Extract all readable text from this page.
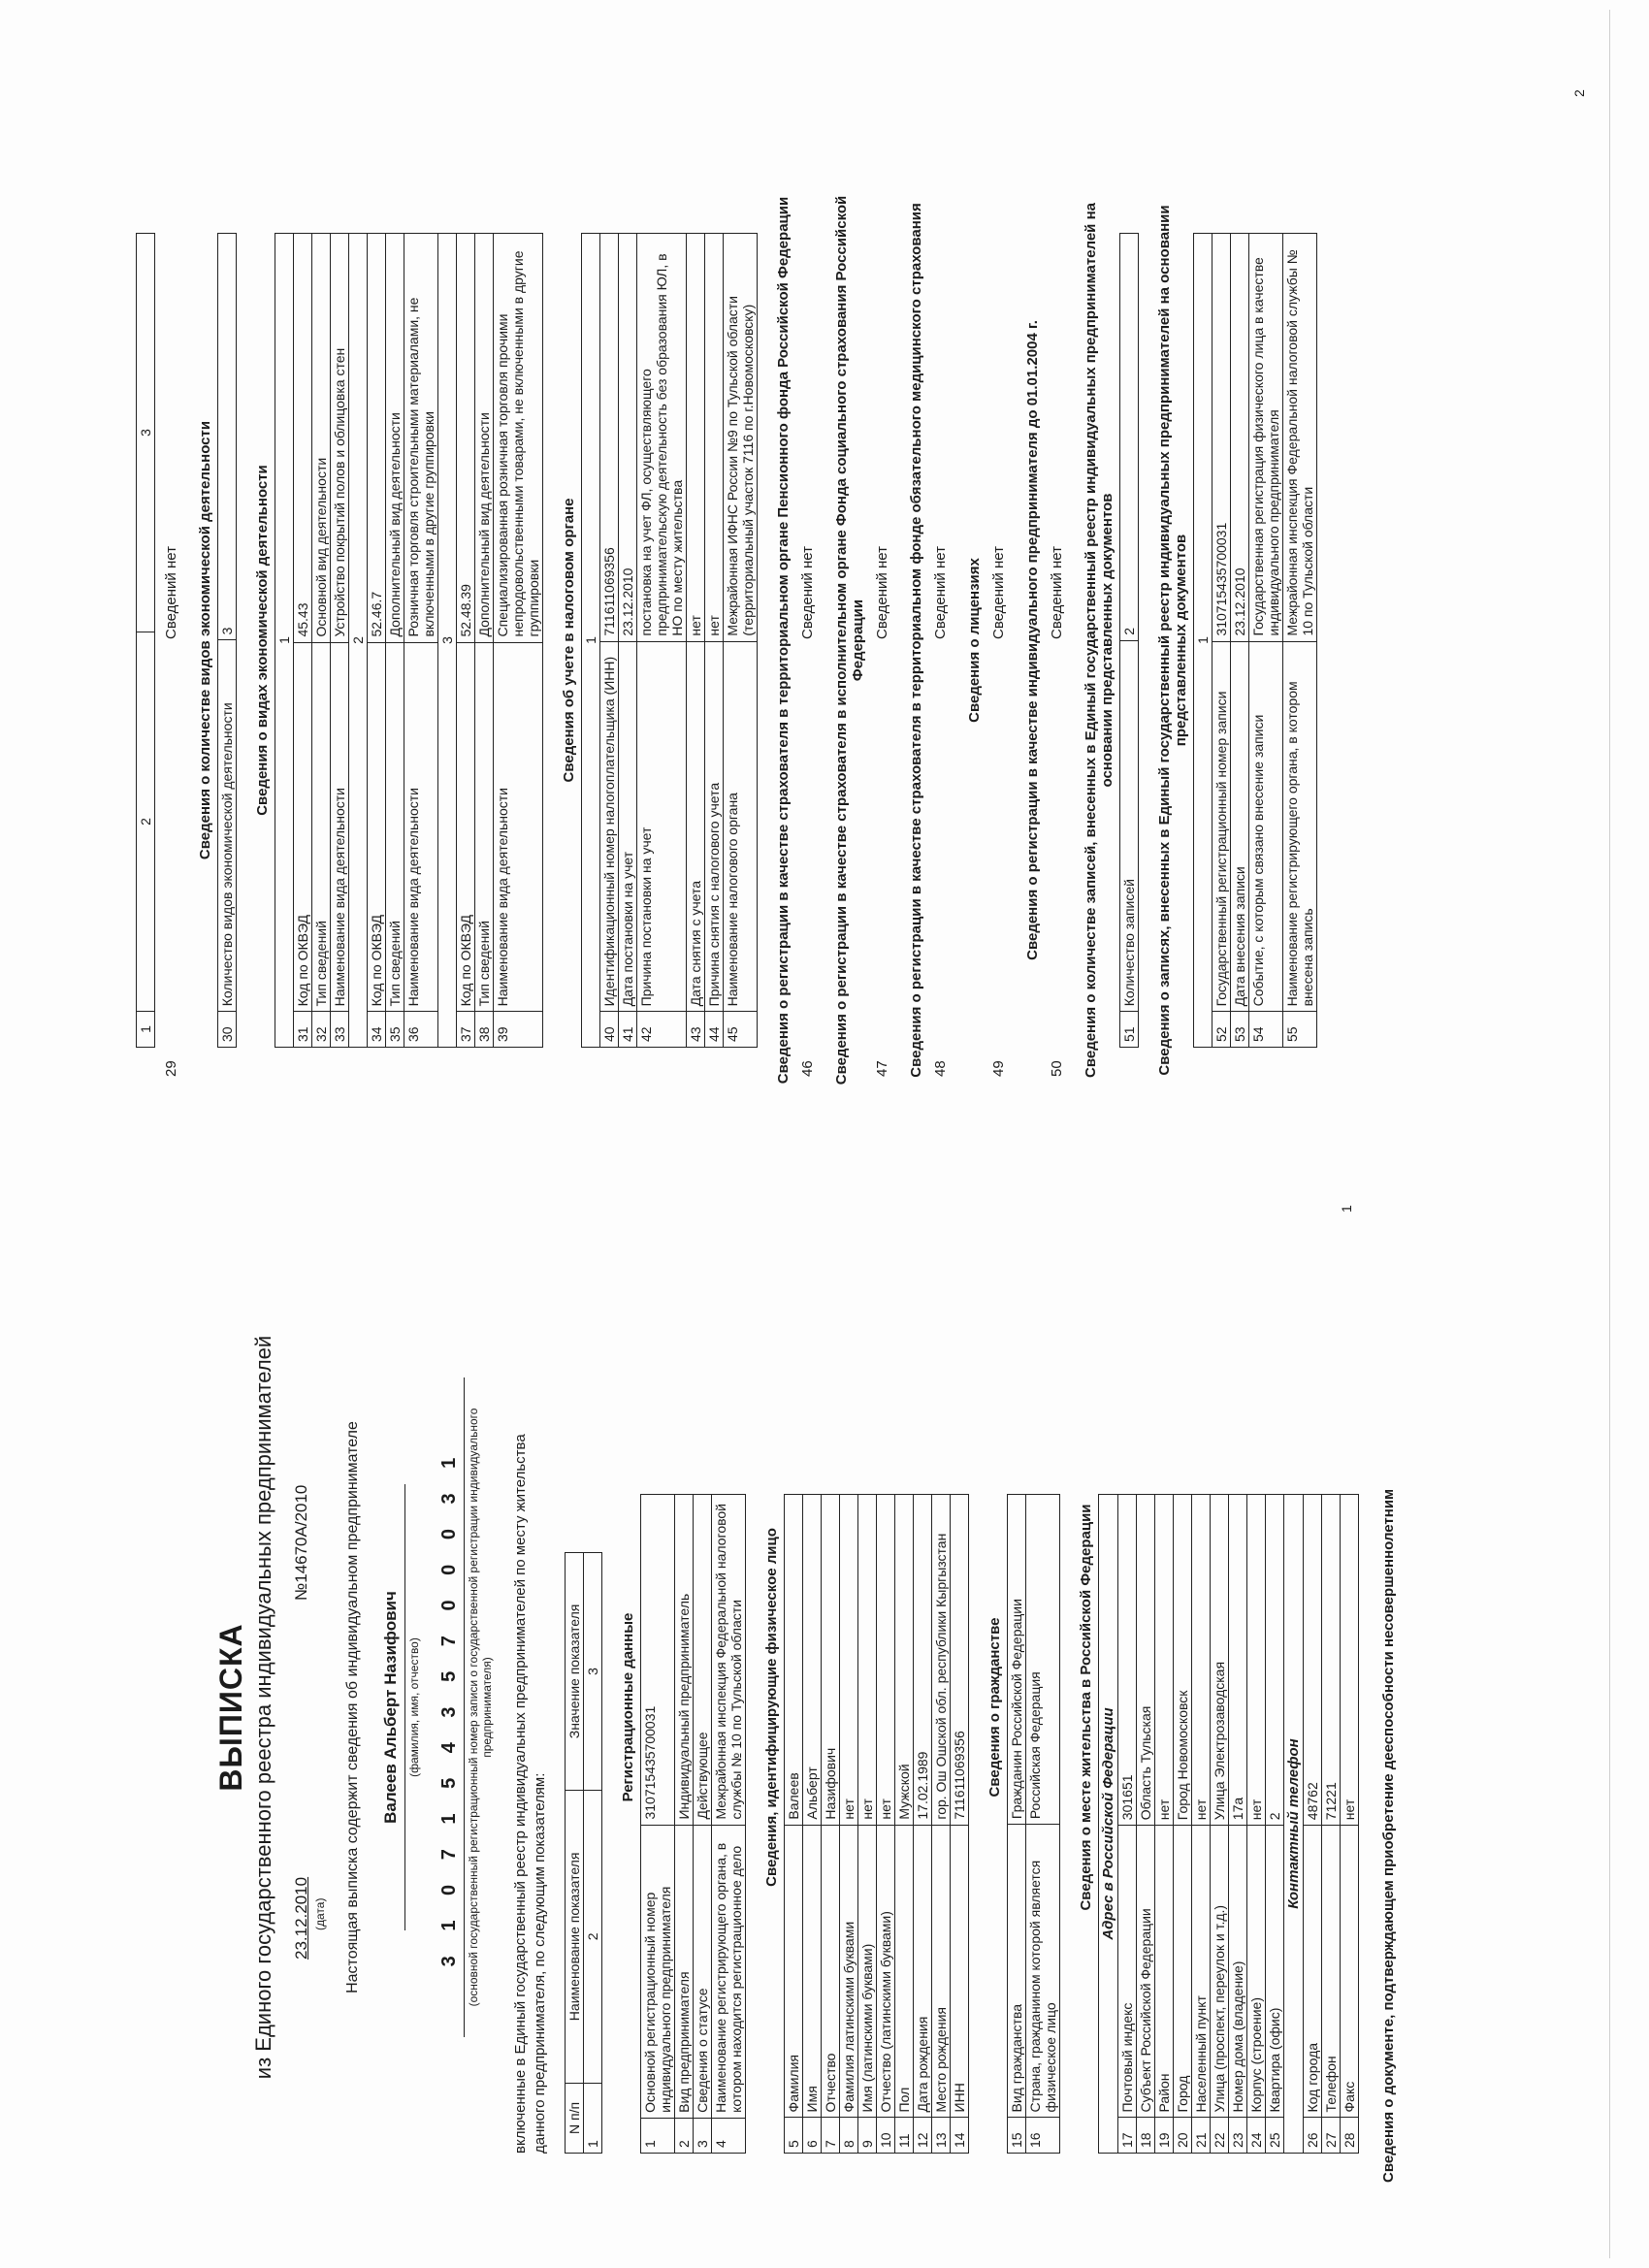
ВЫПИСКА из Единого государственного реестра индивидуальных предпринимателей 23.12.2010 (дата)
№14670А/2010 Настоящая выписка содержит сведения об индивидуальном предпринимателе Валеев Альберт Назифович (фамилия, имя, отчество) 3 1 0 7 1 5 4 3 5 7 0 0 0 3 1 (основной государственный регистрационный номер записи о государственной регистрации индивидуального предпринимателя) включенные в Единый государственный реестр индивидуальных предпринимателей по месту жительства данного предпринимателя, по следующим показателям: N п/п	Наименование показателя	Значение показателя
1	2	3 Регистрационные данные
1	Основной регистрационный номер индивидуального предпринимателя	310715435700031
2	Вид предпринимателя	Индивидуальный предприниматель
3	Сведения о статусе	Действующее
4	Наименование регистрирующего органа, в котором находится регистрационное дело	Межрайонная инспекция Федеральной налоговой службы № 10 по Тульской области Сведения, идентифицирующие физическое лицо
5	Фамилия	Валеев
6	Имя	Альберт
7	Отчество	Назифович
8	Фамилия латинскими буквами	нет
9	Имя (латинскими буквами)	нет
10	Отчество (латинскими буквами)	нет
11	Пол	Мужской
12	Дата рождения	17.02.1989
13	Место рождения	гор. Ош Ошской обл. республики Кыргызстан
14	ИНН	711611069356 Сведения о гражданстве
15	Вид гражданства	Гражданин Российской Федерации
16	Страна, гражданином которой является физическое лицо	Российская Федерация Сведения о месте жительства в Российской Федерации Адрес в Российской Федерации		
17	Почтовый индекс	301651
18	Субъект Российской Федерации	Область Тульская
19	Район	нет
20	Город	Город Новомосковск
21	Населенный пункт	нет
22	Улица (проспект, переулок и т.д.)	Улица Электрозаводская
23	Номер дома (владение)	17а
24	Корпус (строение)	нет
25	Квартира (офис)	2
Контактный телефон		
26	Код города	48762
27	Телефон	71221
28	Факс	нет Сведения о документе, подтверждающем приобретение дееспособности несовершеннолетним
1
1	2	3
29
Сведений нет Сведения о количестве видов экономической деятельности
30	Количество видов экономической деятельности	3 Сведения о видах экономической деятельности 1		
31	Код по ОКВЭД	45.43
32	Тип сведений	Основной вид деятельности
33	Наименование вида деятельности	Устройство покрытий полов и облицовка стен
2		
34	Код по ОКВЭД	52.46.7
35	Тип сведений	Дополнительный вид деятельности
36	Наименование вида деятельности	Розничная торговля строительными материалами, не включенными в другие группировки
3		
37	Код по ОКВЭД	52.48.39
38	Тип сведений	Дополнительный вид деятельности
39	Наименование вида деятельности	Специализированная розничная торговля прочими непродовольственными товарами, не включенными в другие группировки Сведения об учете в налоговом органе 1		
40	Идентификационный номер налогоплательщика (ИНН)	711611069356
41	Дата постановки на учет	23.12.2010
42	Причина постановки на учет	постановка на учет ФЛ, осуществляющего предпринимательскую деятельность без образования ЮЛ, в НО по месту жительства
43	Дата снятия с учета	нет
44	Причина снятия с налогового учета	нет
45	Наименование налогового органа	Межрайонная ИФНС России №9 по Тульской области (территориальный участок 7116 по г.Новомосковску) Сведения о регистрации в качестве страхователя в территориальном органе Пенсионного фонда Российской Федерации 46
Сведений нет Сведения о регистрации в качестве страхователя в исполнительном органе Фонда социального страхования Российской Федерации
47
Сведений нет Сведения о регистрации в качестве страхователя в территориальном фонде обязательного медицинского страхования 48
Сведений нет Сведения о лицензиях
49
Сведений нет Сведения о регистрации в качестве индивидуального предпринимателя до 01.01.2004 г.
50
Сведений нет Сведения о количестве записей, внесенных в Единый государственный реестр индивидуальных предпринимателей на основании представленных документов
51	Количество записей	2 Сведения о записях, внесенных в Единый государственный реестр индивидуальных предпринимателей на основании представленных документов 1		
52	Государственный регистрационный номер записи	310715435700031
53	Дата внесения записи	23.12.2010
54	Событие, с которым связано внесение записи	Государственная регистрация физического лица в качестве индивидуального предпринимателя
55	Наименование регистрирующего органа, в котором внесена запись	Межрайонная инспекция Федеральной налоговой службы № 10 по Тульской области
2
